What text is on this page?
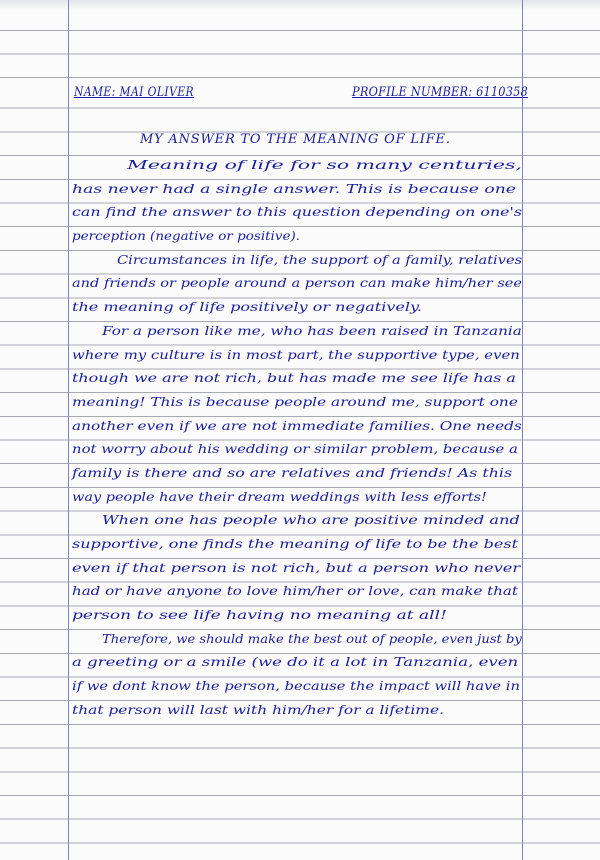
NAME: MAI OLIVER	PROFILE NUMBER: 6110358
MY ANSWER TO THE MEANING OF LIFE.
Meaning of life for so many centuries,
has never had a single answer. This is because one
can find the answer to this question depending on one's
perception (negative or positive).
Circumstances in life, the support of a family, relatives
and friends or people around a person can make him/her see
the meaning of life positively or negatively.
For a person like me, who has been raised in Tanzania
where my culture is in most part, the supportive type, even
though we are not rich, but has made me see life has a
meaning! This is because people around me, support one
another even if we are not immediate families. One needs
not worry about his wedding or similar problem, because a
family is there and so are relatives and friends! As this
way people have their dream weddings with less efforts!
When one has people who are positive minded and
supportive, one finds the meaning of life to be the best
even if that person is not rich, but a person who never
had or have anyone to love him/her or love, can make that
person to see life having no meaning at all!
Therefore, we should make the best out of people, even just by
a greeting or a smile (we do it a lot in Tanzania, even
if we dont know the person, because the impact will have in
that person will last with him/her for a lifetime.
